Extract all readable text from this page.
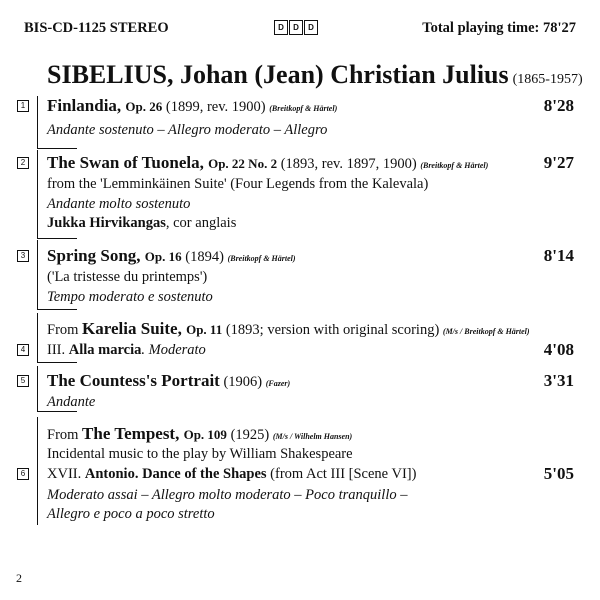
BIS-CD-1125 STEREO	D	D	D	Total playing time: 78'27
SIBELIUS, Johan (Jean) Christian Julius (1865-1957)
1 Finlandia, Op. 26 (1899, rev. 1900) (Breitkopf & Härtel)	8'28
Andante sostenuto – Allegro moderato – Allegro
2 The Swan of Tuonela, Op. 22 No. 2 (1893, rev. 1897, 1900) (Breitkopf & Härtel)	9'27
from the 'Lemminkäinen Suite' (Four Legends from the Kalevala)
Andante molto sostenuto
Jukka Hirvikangas, cor anglais
3 Spring Song, Op. 16 (1894) (Breitkopf & Härtel)	8'14
('La tristesse du printemps')
Tempo moderato e sostenuto
From Karelia Suite, Op. 11 (1893; version with original scoring) (M/s / Breitkopf & Härtel)
4 III. Alla marcia. Moderato	4'08
5 The Countess's Portrait (1906) (Fazer)	3'31
Andante
From The Tempest, Op. 109 (1925) (M/s / Wilhelm Hansen)
Incidental music to the play by William Shakespeare
6 XVII. Antonio. Dance of the Shapes (from Act III [Scene VI])	5'05
Moderato assai – Allegro molto moderato – Poco tranquillo –
Allegro e poco a poco stretto
2
